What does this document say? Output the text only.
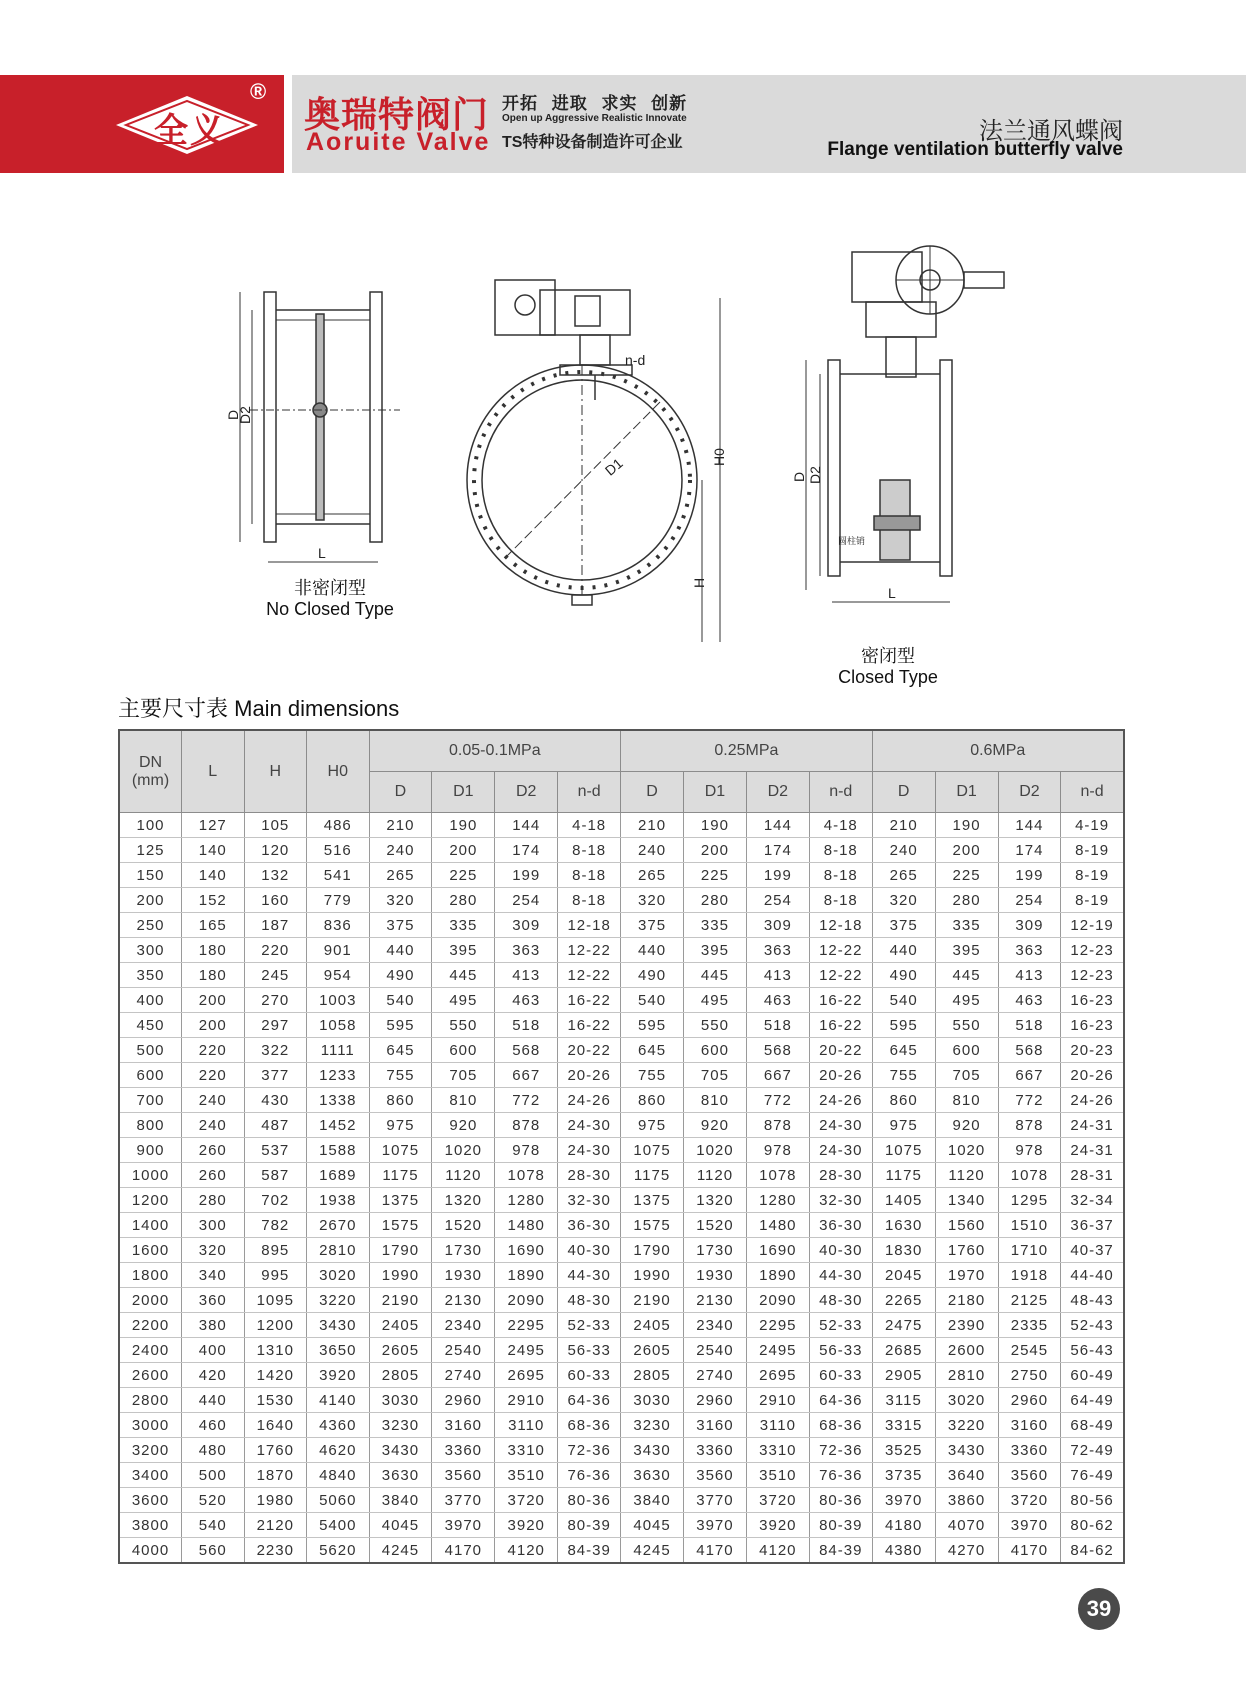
全义
®
奥瑞特阀门
Aoruite Valve
开拓 进取 求实 创新
Open up Aggressive Realistic Innovate
TS特种设备制造许可企业	法兰通风蝶阀
Flange ventilation butterfly valve
D
D2
L
非密闭型
No Closed Type
D1
n-d
H0
H
D D2
L
圆柱销
密闭型
Closed Type
主要尺寸表 Main dimensions
DN
(mm)	L	H	H0	0.05-0.1MPa				0.25MPa				0.6MPa			
				D	D1	D2	n-d	D	D1	D2	n-d	D	D1	D2	n-d
100	127	105	486	210	190	144	4-18	210	190	144	4-18	210	190	144	4-19
125	140	120	516	240	200	174	8-18	240	200	174	8-18	240	200	174	8-19
150	140	132	541	265	225	199	8-18	265	225	199	8-18	265	225	199	8-19
200	152	160	779	320	280	254	8-18	320	280	254	8-18	320	280	254	8-19
250	165	187	836	375	335	309	12-18	375	335	309	12-18	375	335	309	12-19
300	180	220	901	440	395	363	12-22	440	395	363	12-22	440	395	363	12-23
350	180	245	954	490	445	413	12-22	490	445	413	12-22	490	445	413	12-23
400	200	270	1003	540	495	463	16-22	540	495	463	16-22	540	495	463	16-23
450	200	297	1058	595	550	518	16-22	595	550	518	16-22	595	550	518	16-23
500	220	322	1111	645	600	568	20-22	645	600	568	20-22	645	600	568	20-23
600	220	377	1233	755	705	667	20-26	755	705	667	20-26	755	705	667	20-26
700	240	430	1338	860	810	772	24-26	860	810	772	24-26	860	810	772	24-26
800	240	487	1452	975	920	878	24-30	975	920	878	24-30	975	920	878	24-31
900	260	537	1588	1075	1020	978	24-30	1075	1020	978	24-30	1075	1020	978	24-31
1000	260	587	1689	1175	1120	1078	28-30	1175	1120	1078	28-30	1175	1120	1078	28-31
1200	280	702	1938	1375	1320	1280	32-30	1375	1320	1280	32-30	1405	1340	1295	32-34
1400	300	782	2670	1575	1520	1480	36-30	1575	1520	1480	36-30	1630	1560	1510	36-37
1600	320	895	2810	1790	1730	1690	40-30	1790	1730	1690	40-30	1830	1760	1710	40-37
1800	340	995	3020	1990	1930	1890	44-30	1990	1930	1890	44-30	2045	1970	1918	44-40
2000	360	1095	3220	2190	2130	2090	48-30	2190	2130	2090	48-30	2265	2180	2125	48-43
2200	380	1200	3430	2405	2340	2295	52-33	2405	2340	2295	52-33	2475	2390	2335	52-43
2400	400	1310	3650	2605	2540	2495	56-33	2605	2540	2495	56-33	2685	2600	2545	56-43
2600	420	1420	3920	2805	2740	2695	60-33	2805	2740	2695	60-33	2905	2810	2750	60-49
2800	440	1530	4140	3030	2960	2910	64-36	3030	2960	2910	64-36	3115	3020	2960	64-49
3000	460	1640	4360	3230	3160	3110	68-36	3230	3160	3110	68-36	3315	3220	3160	68-49
3200	480	1760	4620	3430	3360	3310	72-36	3430	3360	3310	72-36	3525	3430	3360	72-49
3400	500	1870	4840	3630	3560	3510	76-36	3630	3560	3510	76-36	3735	3640	3560	76-49
3600	520	1980	5060	3840	3770	3720	80-36	3840	3770	3720	80-36	3970	3860	3720	80-56
3800	540	2120	5400	4045	3970	3920	80-39	4045	3970	3920	80-39	4180	4070	3970	80-62
4000	560	2230	5620	4245	4170	4120	84-39	4245	4170	4120	84-39	4380	4270	4170	84-62
39
